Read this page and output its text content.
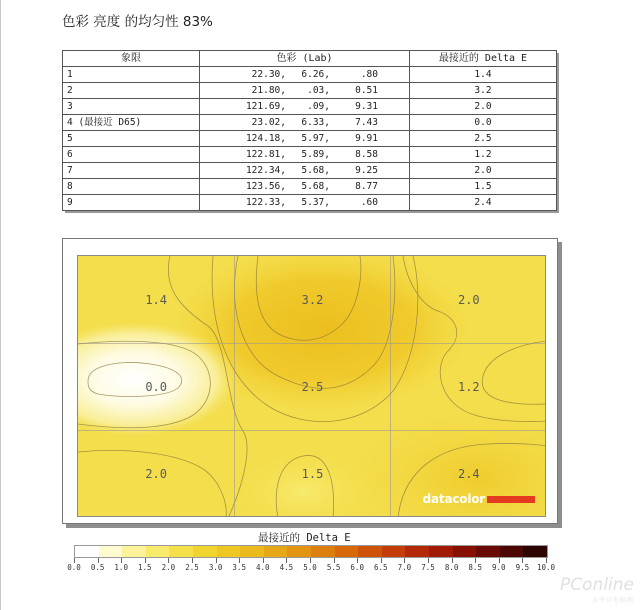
色彩 亮度 的均匀性 83%
象限	色彩 (Lab)	最接近的 Delta E
1	22.30, 6.26, .80	1.4
2	21.80, .03, 0.51	3.2
3	121.69, .09, 9.31	2.0
4 (最接近 D65)	23.02, 6.33, 7.43	0.0
5	124.18, 5.97, 9.91	2.5
6	122.81, 5.89, 8.58	1.2
7	122.34, 5.68, 9.25	2.0
8	123.56, 5.68, 8.77	1.5
9	122.33, 5.37, .60	2.4
1.4	3.2	2.0
0.0	2.5	1.2
2.0	1.5	2.4
datacolor
最接近的 Delta E
0.0 0.5 1.0 1.5 2.0 2.5 3.0 3.5 4.0 4.5 5.0 5.5 6.0 6.5 7.0 7.5 8.0 8.5 9.0 9.5 10.0
PConline
太平洋电脑网
